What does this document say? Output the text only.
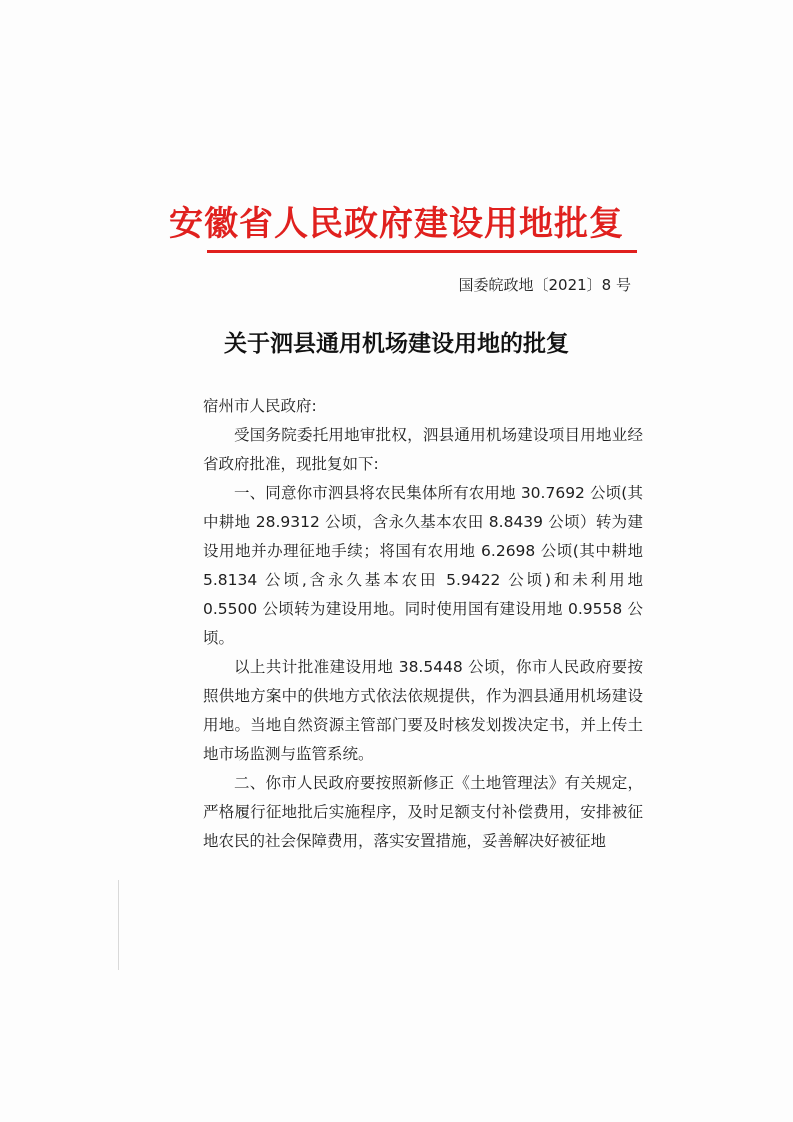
安徽省人民政府建设用地批复
国委皖政地〔2021〕8 号
关于泗县通用机场建设用地的批复

宿州市人民政府:

受国务院委托用地审批权，泗县通用机场建设项目用地业经省政府批准，现批复如下:

一、同意你市泗县将农民集体所有农用地 30.7692 公顷(其中耕地 28.9312 公顷，含永久基本农田 8.8439 公顷）转为建设用地并办理征地手续；将国有农用地 6.2698 公顷(其中耕地 5.8134 公顷,含永久基本农田 5.9422 公顷)和未利用地 0.5500 公顷转为建设用地。同时使用国有建设用地 0.9558 公顷。

以上共计批准建设用地 38.5448 公顷，你市人民政府要按照供地方案中的供地方式依法依规提供，作为泗县通用机场建设用地。当地自然资源主管部门要及时核发划拨决定书，并上传土地市场监测与监管系统。

二、你市人民政府要按照新修正《土地管理法》有关规定，严格履行征地批后实施程序，及时足额支付补偿费用，安排被征地农民的社会保障费用，落实安置措施，妥善解决好被征地
